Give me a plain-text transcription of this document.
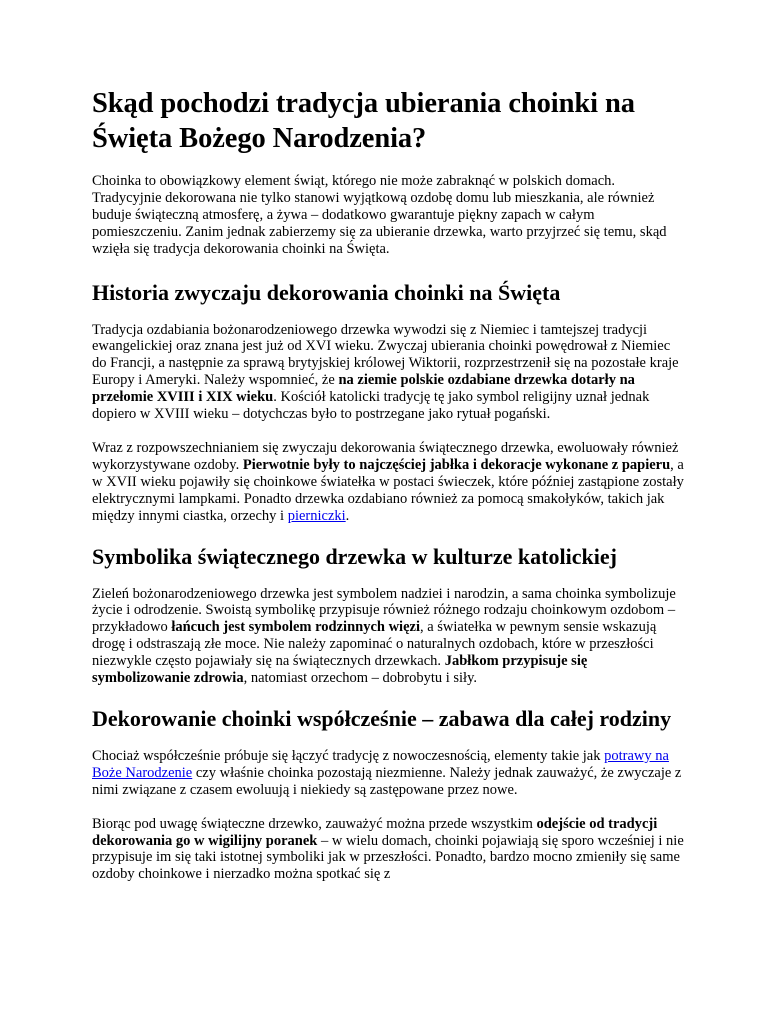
Skąd pochodzi tradycja ubierania choinki na Święta Bożego Narodzenia?

Choinka to obowiązkowy element świąt, którego nie może zabraknąć w polskich domach. Tradycyjnie dekorowana nie tylko stanowi wyjątkową ozdobę domu lub mieszkania, ale również buduje świąteczną atmosferę, a żywa – dodatkowo gwarantuje piękny zapach w całym pomieszczeniu. Zanim jednak zabierzemy się za ubieranie drzewka, warto przyjrzeć się temu, skąd wzięła się tradycja dekorowania choinki na Święta.

Historia zwyczaju dekorowania choinki na Święta

Tradycja ozdabiania bożonarodzeniowego drzewka wywodzi się z Niemiec i tamtejszej tradycji ewangelickiej oraz znana jest już od XVI wieku. Zwyczaj ubierania choinki powędrował z Niemiec do Francji, a następnie za sprawą brytyjskiej królowej Wiktorii, rozprzestrzenił się na pozostałe kraje Europy i Ameryki. Należy wspomnieć, że na ziemie polskie ozdabiane drzewka dotarły na przełomie XVIII i XIX wieku. Kościół katolicki tradycję tę jako symbol religijny uznał jednak dopiero w XVIII wieku – dotychczas było to postrzegane jako rytuał pogański.

Wraz z rozpowszechnianiem się zwyczaju dekorowania świątecznego drzewka, ewoluowały również wykorzystywane ozdoby. Pierwotnie były to najczęściej jabłka i dekoracje wykonane z papieru, a w XVII wieku pojawiły się choinkowe światełka w postaci świeczek, które później zastąpione zostały elektrycznymi lampkami. Ponadto drzewka ozdabiano również za pomocą smakołyków, takich jak między innymi ciastka, orzechy i pierniczki.

Symbolika świątecznego drzewka w kulturze katolickiej

Zieleń bożonarodzeniowego drzewka jest symbolem nadziei i narodzin, a sama choinka symbolizuje życie i odrodzenie. Swoistą symbolikę przypisuje również różnego rodzaju choinkowym ozdobom – przykładowo łańcuch jest symbolem rodzinnych więzi, a światełka w pewnym sensie wskazują drogę i odstraszają złe moce. Nie należy zapominać o naturalnych ozdobach, które w przeszłości niezwykle często pojawiały się na świątecznych drzewkach. Jabłkom przypisuje się symbolizowanie zdrowia, natomiast orzechom – dobrobytu i siły.

Dekorowanie choinki współcześnie – zabawa dla całej rodziny

Chociaż współcześnie próbuje się łączyć tradycję z nowoczesnością, elementy takie jak potrawy na Boże Narodzenie czy właśnie choinka pozostają niezmienne. Należy jednak zauważyć, że zwyczaje z nimi związane z czasem ewoluują i niekiedy są zastępowane przez nowe.

Biorąc pod uwagę świąteczne drzewko, zauważyć można przede wszystkim odejście od tradycji dekorowania go w wigilijny poranek – w wielu domach, choinki pojawiają się sporo wcześniej i nie przypisuje im się taki istotnej symboliki jak w przeszłości. Ponadto, bardzo mocno zmieniły się same ozdoby choinkowe i nierzadko można spotkać się z
